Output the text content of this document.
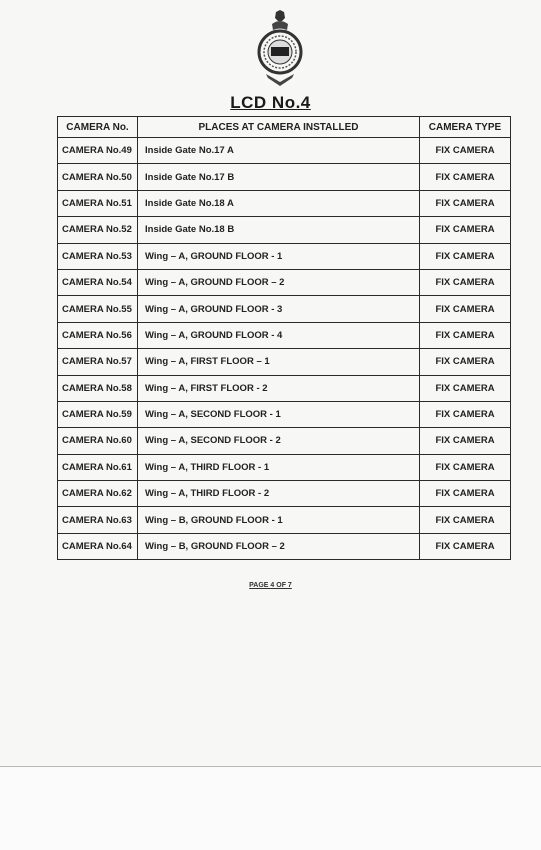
LCD No.4
CAMERA No.	PLACES AT CAMERA INSTALLED	CAMERA TYPE
CAMERA No.49	Inside Gate No.17 A	FIX CAMERA
CAMERA No.50	Inside Gate No.17 B	FIX CAMERA
CAMERA No.51	Inside Gate No.18 A	FIX CAMERA
CAMERA No.52	Inside Gate No.18 B	FIX CAMERA
CAMERA No.53	Wing – A, GROUND FLOOR - 1	FIX CAMERA
CAMERA No.54	Wing – A, GROUND FLOOR – 2	FIX CAMERA
CAMERA No.55	Wing – A, GROUND FLOOR - 3	FIX CAMERA
CAMERA No.56	Wing – A, GROUND FLOOR - 4	FIX CAMERA
CAMERA No.57	Wing – A, FIRST FLOOR – 1	FIX CAMERA
CAMERA No.58	Wing – A, FIRST FLOOR - 2	FIX CAMERA
CAMERA No.59	Wing – A, SECOND FLOOR - 1	FIX CAMERA
CAMERA No.60	Wing – A, SECOND FLOOR - 2	FIX CAMERA
CAMERA No.61	Wing – A, THIRD FLOOR - 1	FIX CAMERA
CAMERA No.62	Wing – A, THIRD FLOOR - 2	FIX CAMERA
CAMERA No.63	Wing – B, GROUND FLOOR - 1	FIX CAMERA
CAMERA No.64	Wing – B, GROUND FLOOR – 2	FIX CAMERA
PAGE 4 OF 7
